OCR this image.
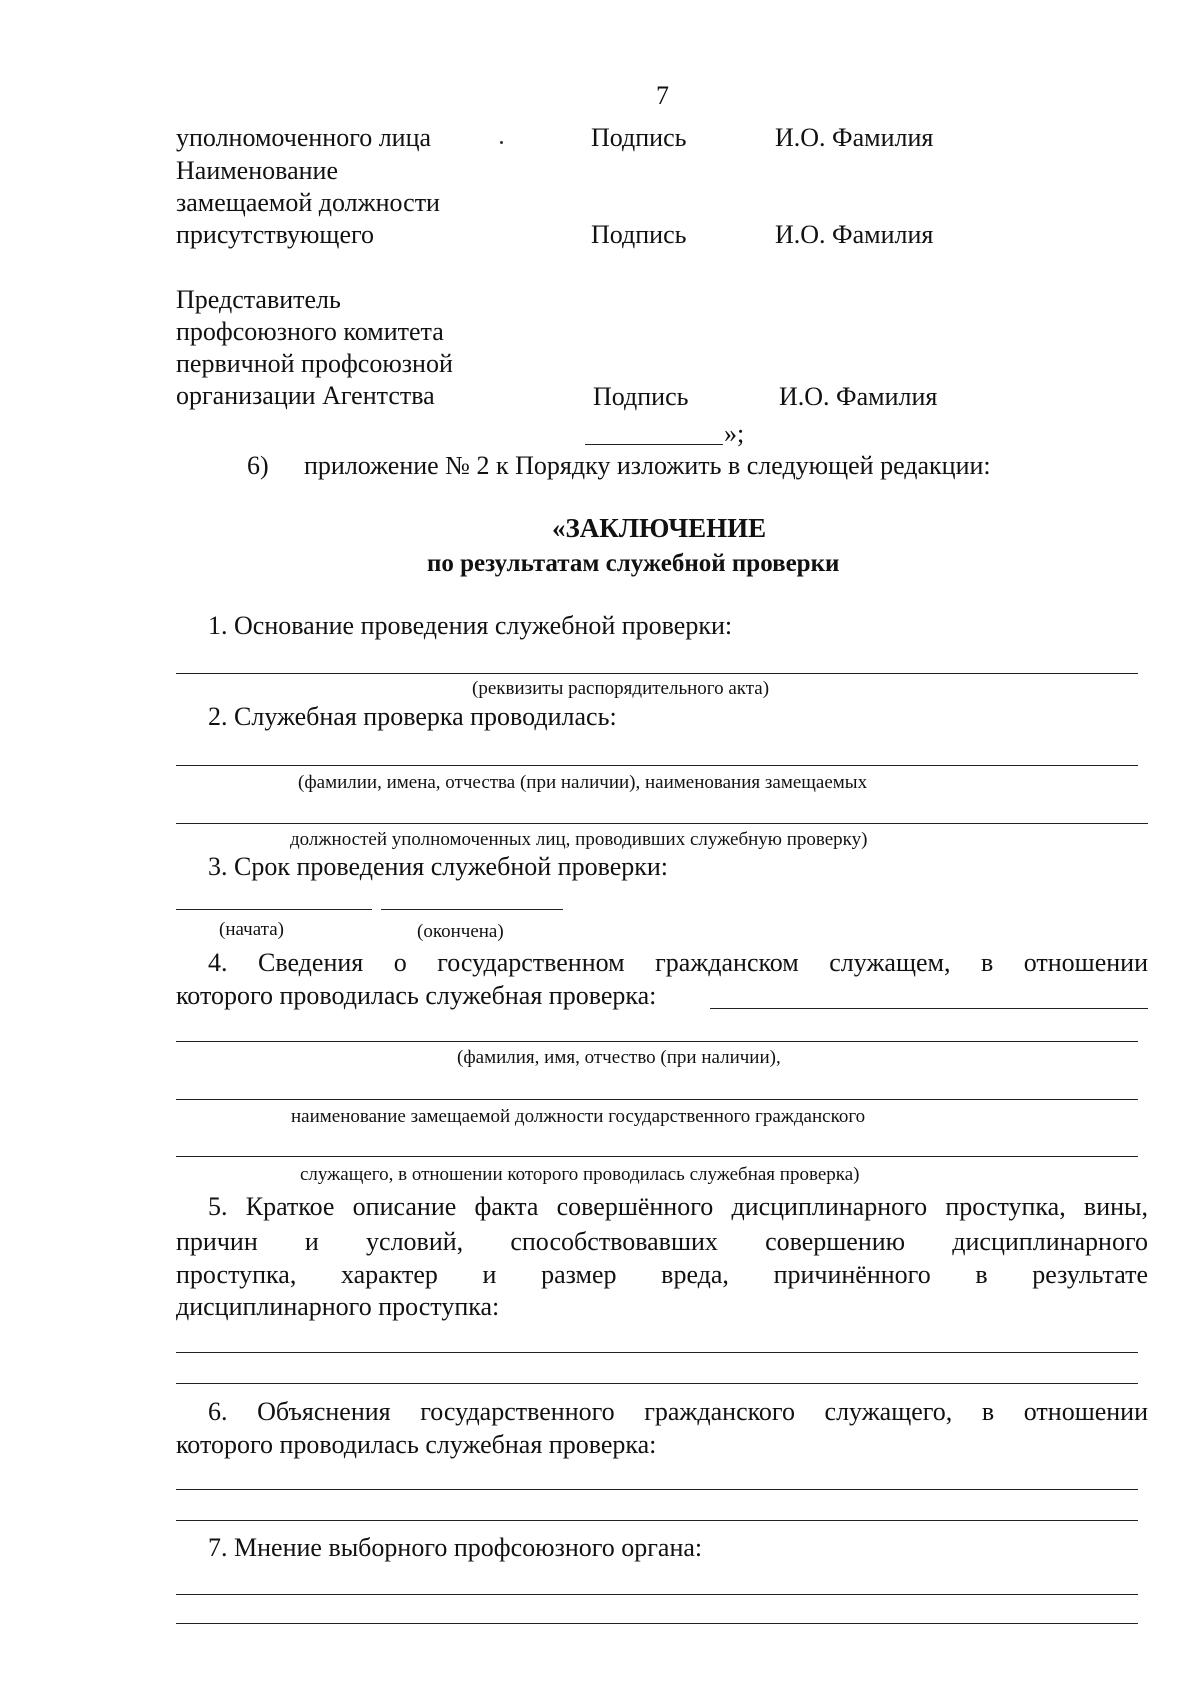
7
уполномоченного лица	Подпись	И.О. Фамилия
Наименование
замещаемой должности
присутствующего	Подпись	И.О. Фамилия
Представитель
профсоюзного комитета
первичной профсоюзной
организации Агентства	Подпись	И.О. Фамилия
»;
6) приложение № 2 к Порядку изложить в следующей редакции:
«ЗАКЛЮЧЕНИЕ
по результатам служебной проверки
1. Основание проведения служебной проверки:
(реквизиты распорядительного акта)
2. Служебная проверка проводилась:
(фамилии, имена, отчества (при наличии), наименования замещаемых
должностей уполномоченных лиц, проводивших служебную проверку)
3. Срок проведения служебной проверки:
(начата)	(окончена)
4. Сведения о государственном гражданском служащем, в отношении
которого проводилась служебная проверка:
(фамилия, имя, отчество (при наличии),
наименование замещаемой должности государственного гражданского
служащего, в отношении которого проводилась служебная проверка)
5. Краткое описание факта совершённого дисциплинарного проступка, вины,
причин и условий, способствовавших совершению дисциплинарного
проступка, характер и размер вреда, причинённого в результате
дисциплинарного проступка:
6. Объяснения государственного гражданского служащего, в отношении
которого проводилась служебная проверка:
7. Мнение выборного профсоюзного органа:
